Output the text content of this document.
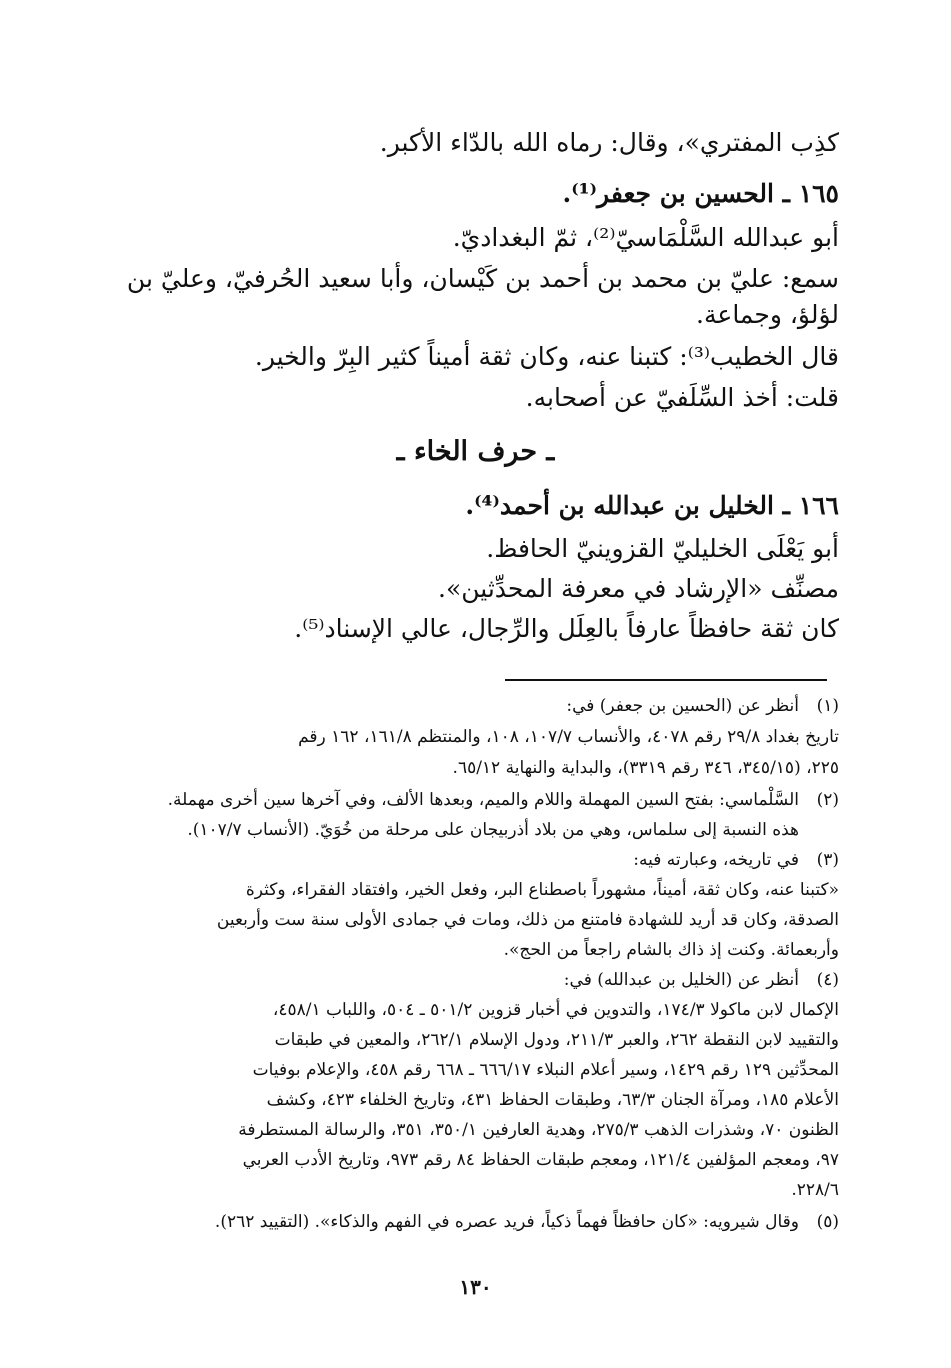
كذِب المفتري»، وقال: رماه الله بالدّاء الأكبر.
١٦٥ ـ الحسين بن جعفر⁽¹⁾.
أبو عبدالله السَّلْمَاسيّ⁽²⁾، ثمّ البغداديّ.
سمع: عليّ بن محمد بن أحمد بن كَيْسان، وأبا سعيد الحُرفيّ، وعليّ بن
لؤلؤ، وجماعة.
قال الخطيب⁽³⁾: كتبنا عنه، وكان ثقة أميناً كثير البِرّ والخير.
قلت: أخذ السِّلَفيّ عن أصحابه.
ـ حرف الخاء ـ
١٦٦ ـ الخليل بن عبدالله بن أحمد⁽⁴⁾.
أبو يَعْلَى الخليليّ القزوينيّ الحافظ.
مصنِّف «الإرشاد في معرفة المحدِّثين».
كان ثقة حافظاً عارفاً بالعِلَل والرِّجال، عالي الإسناد⁽⁵⁾.
(١)
أنظر عن (الحسين بن جعفر) في:
تاريخ بغداد ٢٩/٨ رقم ٤٠٧٨، والأنساب ١٠٧/٧، ١٠٨، والمنتظم ١٦١/٨، ١٦٢ رقم
٢٢٥، (٣٤٥/١٥، ٣٤٦ رقم ٣٣١٩)، والبداية والنهاية ٦٥/١٢.
(٢)
السَّلْماسي: بفتح السين المهملة واللام والميم، وبعدها الألف، وفي آخرها سين أخرى مهملة.
هذه النسبة إلى سلماس، وهي من بلاد أذربيجان على مرحلة من خُوَيّ. (الأنساب ١٠٧/٧).
(٣)
في تاريخه، وعبارته فيه:
«كتبنا عنه، وكان ثقة، أميناً، مشهوراً باصطناع البر، وفعل الخير، وافتقاد الفقراء، وكثرة
الصدقة، وكان قد أريد للشهادة فامتنع من ذلك، ومات في جمادى الأولى سنة ست وأربعين
وأربعمائة. وكنت إذ ذاك بالشام راجعاً من الحج».
(٤)
أنظر عن (الخليل بن عبدالله) في:
الإكمال لابن ماكولا ١٧٤/٣، والتدوين في أخبار قزوين ٥٠١/٢ ـ ٥٠٤، واللباب ٤٥٨/١،
والتقييد لابن النقطة ٢٦٢، والعبر ٢١١/٣، ودول الإسلام ٢٦٢/١، والمعين في طبقات
المحدِّثين ١٢٩ رقم ١٤٢٩، وسير أعلام النبلاء ٦٦٦/١٧ ـ ٦٦٨ رقم ٤٥٨، والإعلام بوفيات
الأعلام ١٨٥، ومرآة الجنان ٦٣/٣، وطبقات الحفاظ ٤٣١، وتاريخ الخلفاء ٤٢٣، وكشف
الظنون ٧٠، وشذرات الذهب ٢٧٥/٣، وهدية العارفين ٣٥٠/١، ٣٥١، والرسالة المستطرفة
٩٧، ومعجم المؤلفين ١٢١/٤، ومعجم طبقات الحفاظ ٨٤ رقم ٩٧٣، وتاريخ الأدب العربي
٢٢٨/٦.
(٥)
وقال شيرويه: «كان حافظاً فهماً ذكياً، فريد عصره في الفهم والذكاء». (التقييد ٢٦٢).
١٣٠
